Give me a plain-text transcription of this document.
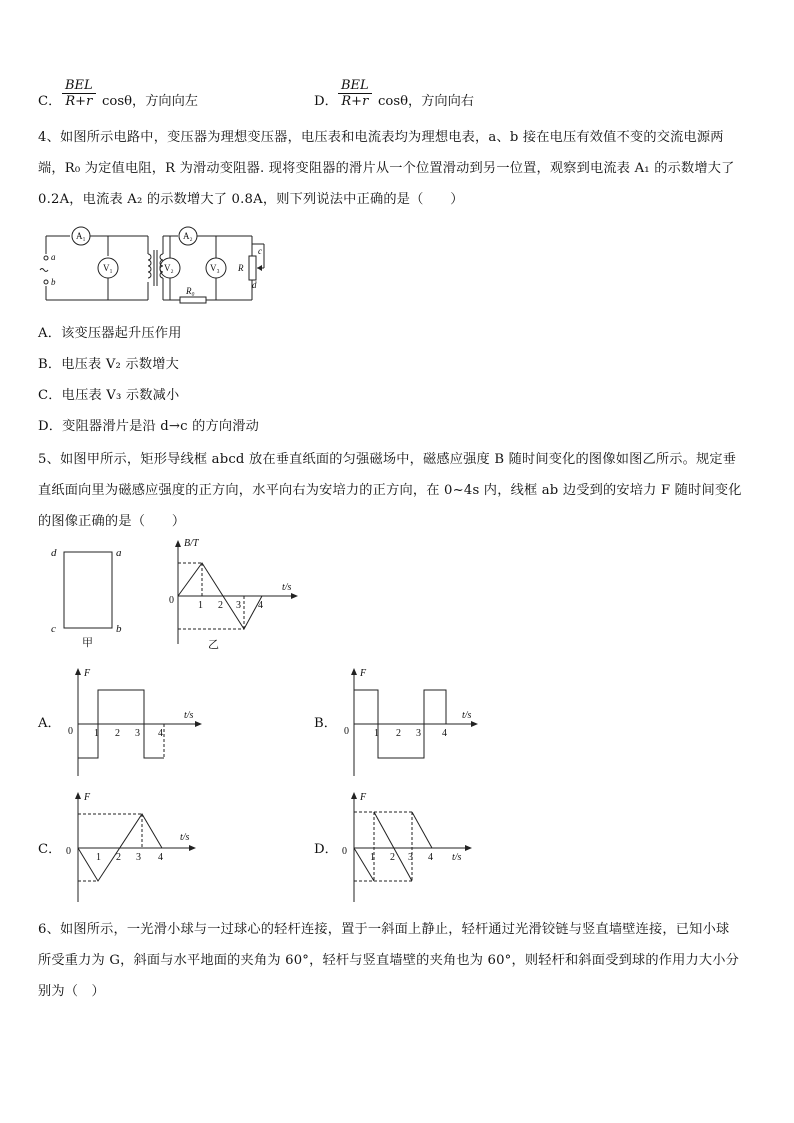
C．
BEL
R+r cosθ，方向向左	D．
BEL
R+r cosθ，方向向右
4、如图所示电路中，变压器为理想变压器，电压表和电流表均为理想电表，a、b 接在电压有效值不变的交流电源两
端，R₀ 为定值电阻，R 为滑动变阻器. 现将变阻器的滑片从一个位置滑动到另一位置，观察到电流表 A₁ 的示数增大了
0.2A，电流表 A₂ 的示数增大了 0.8A，则下列说法中正确的是（　　）
A₁	A₂
V₁	V₂	V₃ R
R₀
a
b
c
d
A．该变压器起升压作用
B．电压表 V₂ 示数增大
C．电压表 V₃ 示数减小
D．变阻器滑片是沿 d→c 的方向滑动
5、如图甲所示，矩形导线框 abcd 放在垂直纸面的匀强磁场中，磁感应强度 B 随时间变化的图像如图乙所示。规定垂
直纸面向里为磁感应强度的正方向，水平向右为安培力的正方向，在 0~4s 内，线框 ab 边受到的安培力 F 随时间变化
的图像正确的是（　　）
d	a
c	b
甲
B/T
t/s
0 1 2 3 4
乙
A．
F
t/s
0 1 2 3 4
B．
F
t/s
0	1 2 3 4
C．
F
t/s
0
1 2 3 4
D．
F
t/s
0
1 2 3 4
6、如图所示，一光滑小球与一过球心的轻杆连接，置于一斜面上静止，轻杆通过光滑铰链与竖直墙壁连接，已知小球
所受重力为 G，斜面与水平地面的夹角为 60°，轻杆与竖直墙壁的夹角也为 60°，则轻杆和斜面受到球的作用力大小分
别为（　）
